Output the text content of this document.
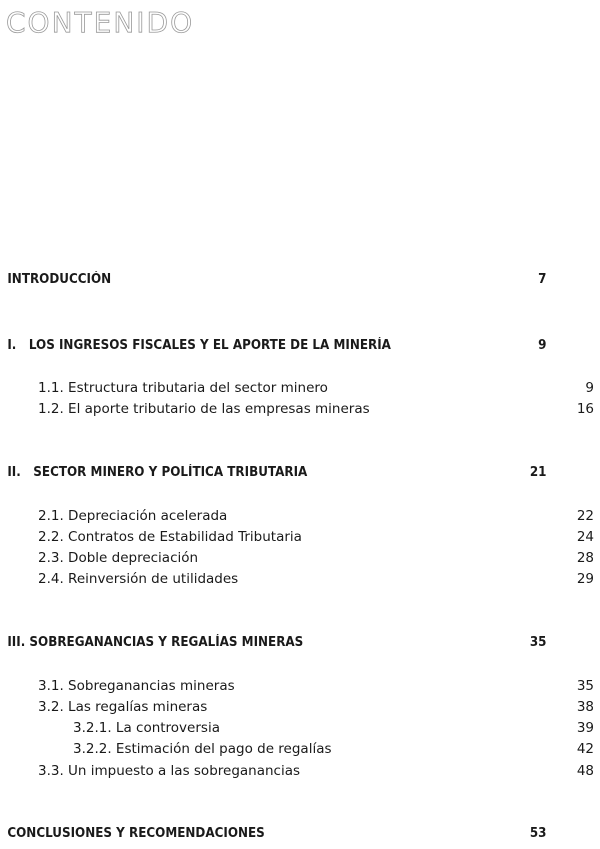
CONTENIDO
INTRODUCCIÓN	7
I.   LOS INGRESOS FISCALES Y EL APORTE DE LA MINERÍA	9
1.1. Estructura tributaria del sector minero	9
1.2. El aporte tributario de las empresas mineras	16
II.   SECTOR MINERO Y POLÍTICA TRIBUTARIA	21
2.1. Depreciación acelerada	22
2.2. Contratos de Estabilidad Tributaria	24
2.3. Doble depreciación	28
2.4. Reinversión de utilidades	29
III. SOBREGANANCIAS Y REGALÍAS MINERAS	35
3.1. Sobreganancias mineras	35
3.2. Las regalías mineras	38
3.2.1. La controversia	39
3.2.2. Estimación del pago de regalías	42
3.3. Un impuesto a las sobreganancias	48
CONCLUSIONES Y RECOMENDACIONES	53
